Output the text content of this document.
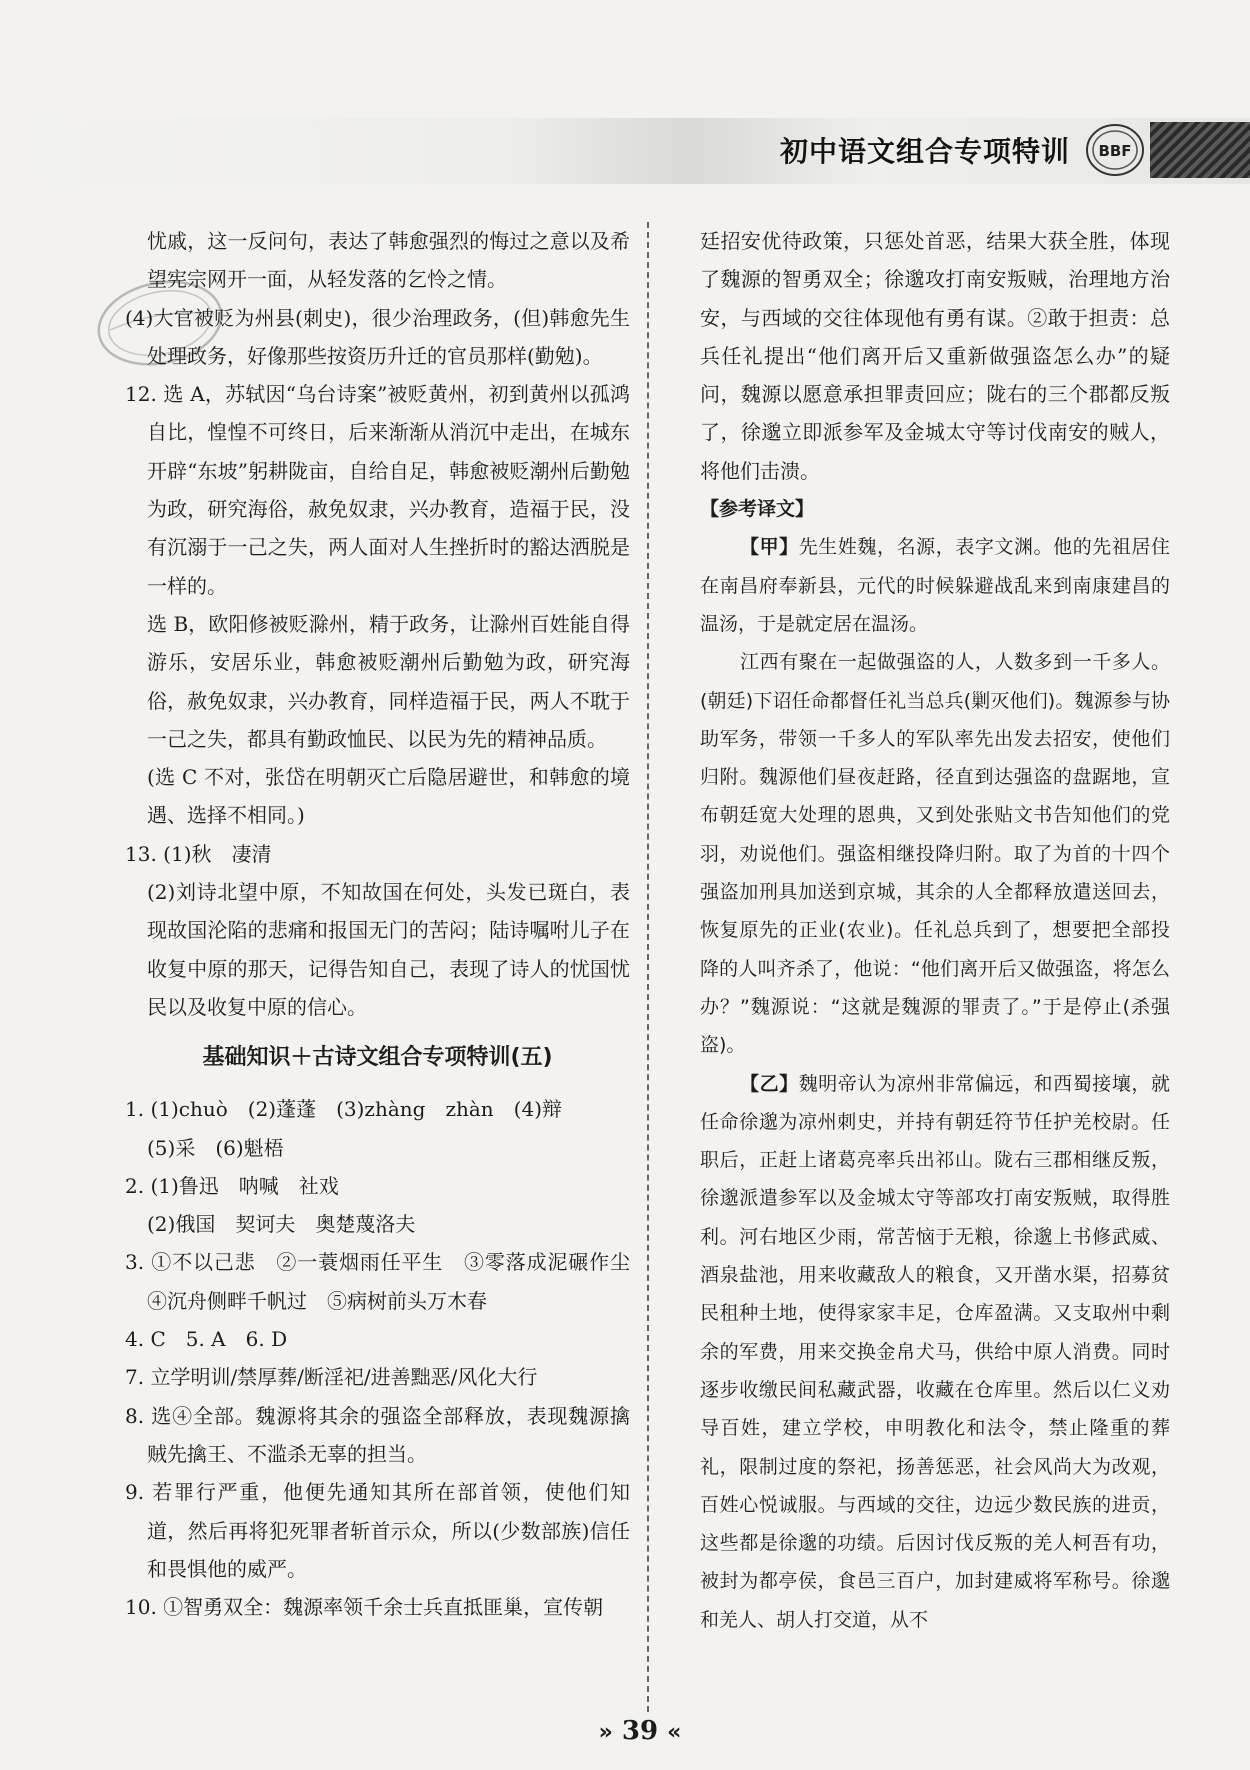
初中语文组合专项特训	BBF

忧戚，这一反问句，表达了韩愈强烈的悔过之意以及希望宪宗网开一面，从轻发落的乞怜之情。

(4)大官被贬为州县(刺史)，很少治理政务，(但)韩愈先生处理政务，好像那些按资历升迁的官员那样(勤勉)。

12. 选 A，苏轼因“乌台诗案”被贬黄州，初到黄州以孤鸿自比，惶惶不可终日，后来渐渐从消沉中走出，在城东开辟“东坡”躬耕陇亩，自给自足，韩愈被贬潮州后勤勉为政，研究海俗，赦免奴隶，兴办教育，造福于民，没有沉溺于一己之失，两人面对人生挫折时的豁达洒脱是一样的。

选 B，欧阳修被贬滁州，精于政务，让滁州百姓能自得游乐，安居乐业，韩愈被贬潮州后勤勉为政，研究海俗，赦免奴隶，兴办教育，同样造福于民，两人不耽于一己之失，都具有勤政恤民、以民为先的精神品质。

(选 C 不对，张岱在明朝灭亡后隐居避世，和韩愈的境遇、选择不相同。)

13. (1)秋　凄清

(2)刘诗北望中原，不知故国在何处，头发已斑白，表现故国沦陷的悲痛和报国无门的苦闷；陆诗嘱咐儿子在收复中原的那天，记得告知自己，表现了诗人的忧国忧民以及收复中原的信心。

基础知识＋古诗文组合专项特训(五)

1. (1)chuò　(2)蓬蓬　(3)zhàng　zhàn　(4)辩

(5)采　(6)魁梧

2. (1)鲁迅　呐喊　社戏

(2)俄国　契诃夫　奥楚蔑洛夫

3. ①不以己悲　②一蓑烟雨任平生　③零落成泥碾作尘　④沉舟侧畔千帆过　⑤病树前头万木春

4. C　5. A　6. D

7. 立学明训/禁厚葬/断淫祀/进善黜恶/风化大行

8. 选④全部。魏源将其余的强盗全部释放，表现魏源擒贼先擒王、不滥杀无辜的担当。

9. 若罪行严重，他便先通知其所在部首领，使他们知道，然后再将犯死罪者斩首示众，所以(少数部族)信任和畏惧他的威严。

10. ①智勇双全：魏源率领千余士兵直抵匪巢，宣传朝

廷招安优待政策，只惩处首恶，结果大获全胜，体现了魏源的智勇双全；徐邈攻打南安叛贼，治理地方治安，与西域的交往体现他有勇有谋。②敢于担责：总兵任礼提出“他们离开后又重新做强盗怎么办”的疑问，魏源以愿意承担罪责回应；陇右的三个郡都反叛了，徐邈立即派参军及金城太守等讨伐南安的贼人，将他们击溃。

【参考译文】

【甲】先生姓魏，名源，表字文渊。他的先祖居住在南昌府奉新县，元代的时候躲避战乱来到南康建昌的温汤，于是就定居在温汤。

江西有聚在一起做强盗的人，人数多到一千多人。(朝廷)下诏任命都督任礼当总兵(剿灭他们)。魏源参与协助军务，带领一千多人的军队率先出发去招安，使他们归附。魏源他们昼夜赶路，径直到达强盗的盘踞地，宣布朝廷宽大处理的恩典，又到处张贴文书告知他们的党羽，劝说他们。强盗相继投降归附。取了为首的十四个强盗加刑具加送到京城，其余的人全都释放遣送回去，恢复原先的正业(农业)。任礼总兵到了，想要把全部投降的人叫齐杀了，他说：“他们离开后又做强盗，将怎么办？”魏源说：“这就是魏源的罪责了。”于是停止(杀强盗)。

【乙】魏明帝认为凉州非常偏远，和西蜀接壤，就任命徐邈为凉州刺史，并持有朝廷符节任护羌校尉。任职后，正赶上诸葛亮率兵出祁山。陇右三郡相继反叛，徐邈派遣参军以及金城太守等部攻打南安叛贼，取得胜利。河右地区少雨，常苦恼于无粮，徐邈上书修武威、酒泉盐池，用来收藏敌人的粮食，又开凿水渠，招募贫民租种土地，使得家家丰足，仓库盈满。又支取州中剩余的军费，用来交换金帛犬马，供给中原人消费。同时逐步收缴民间私藏武器，收藏在仓库里。然后以仁义劝导百姓，建立学校，申明教化和法令，禁止隆重的葬礼，限制过度的祭祀，扬善惩恶，社会风尚大为改观，百姓心悦诚服。与西域的交往，边远少数民族的进贡，这些都是徐邈的功绩。后因讨伐反叛的羌人柯吾有功，被封为都亭侯，食邑三百户，加封建威将军称号。徐邈和羌人、胡人打交道，从不

» 39 «
